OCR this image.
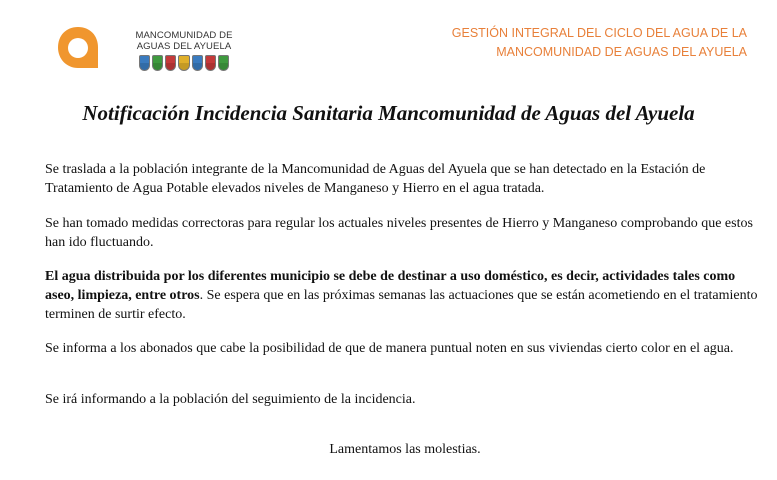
MANCOMUNIDAD DE AGUAS DEL AYUELA
GESTIÓN INTEGRAL DEL CICLO DEL AGUA DE LA
MANCOMUNIDAD DE AGUAS DEL AYUELA
Notificación Incidencia Sanitaria Mancomunidad de Aguas del Ayuela

Se traslada a la población integrante de la Mancomunidad de Aguas del Ayuela que se han detectado en la Estación de Tratamiento de Agua Potable elevados niveles de Manganeso y Hierro en el agua tratada.

Se han tomado medidas correctoras para regular los actuales niveles presentes de Hierro y Manganeso comprobando que estos han ido fluctuando.

El agua distribuida por los diferentes municipio se debe de destinar a uso doméstico, es decir, actividades tales como aseo, limpieza, entre otros. Se espera que en las próximas semanas las actuaciones que se están acometiendo en el tratamiento terminen de surtir efecto.

Se informa a los abonados que cabe la posibilidad de que de manera puntual noten en sus viviendas cierto color en el agua.

Se irá informando a la población del seguimiento de la incidencia.

Lamentamos las molestias.
